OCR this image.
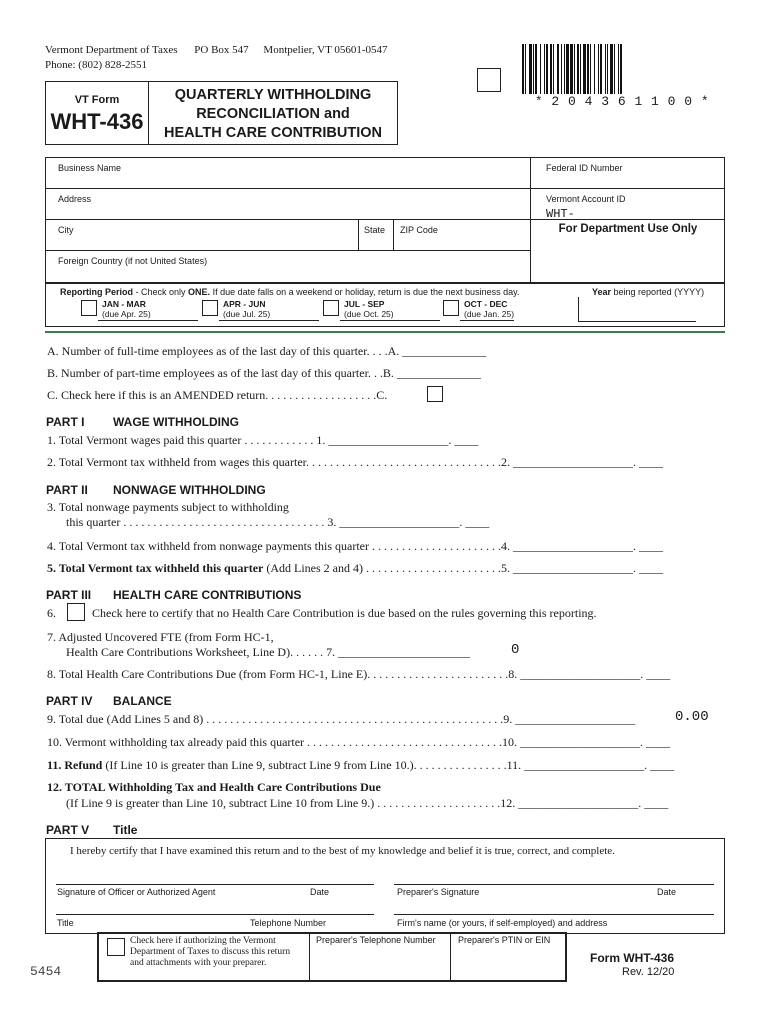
Vermont Department of Taxes PO Box 547 Montpelier, VT 05601-0547
Phone: (802) 828-2551
VT Form
WHT-436
QUARTERLY WITHHOLDING
RECONCILIATION and
HEALTH CARE CONTRIBUTION
* 2 0 4 3 6 1 1 0 0 *
Business Name	Federal ID Number
Address	Vermont Account ID
WHT-
City	State ZIP Code	For Department Use Only
Foreign Country (if not United States)
Reporting Period - Check only ONE. If due date falls on a weekend or holiday, return is due the next business day.	Year being reported (YYYY)
JAN - MAR
(due Apr. 25)
APR - JUN
(due Jul. 25)
JUL - SEP
(due Oct. 25)
OCT - DEC
(due Jan. 25)
A. Number of full-time employees as of the last day of this quarter. . . .A. ______________
B. Number of part-time employees as of the last day of this quarter. . .B. ______________
C. Check here if this is an AMENDED return. . . . . . . . . . . . . . . . . . .C.
PART I WAGE WITHHOLDING
1. Total Vermont wages paid this quarter . . . . . . . . . . . . 1. ____________________. ____
2. Total Vermont tax withheld from wages this quarter. . . . . . . . . . . . . . . . . . . . . . . . . . . . . . . . .2. ____________________. ____
PART II NONWAGE WITHHOLDING
3. Total nonwage payments subject to withholding
this quarter . . . . . . . . . . . . . . . . . . . . . . . . . . . . . . . . . . 3. ____________________. ____
4. Total Vermont tax withheld from nonwage payments this quarter . . . . . . . . . . . . . . . . . . . . . .4. ____________________. ____
5. Total Vermont tax withheld this quarter (Add Lines 2 and 4) . . . . . . . . . . . . . . . . . . . . . . .5. ____________________. ____
PART III HEALTH CARE CONTRIBUTIONS
6.	Check here to certify that no Health Care Contribution is due based on the rules governing this reporting.
7. Adjusted Uncovered FTE (from Form HC-1,
Health Care Contributions Worksheet, Line D). . . . . . 7. ______________________	0
8. Total Health Care Contributions Due (from Form HC-1, Line E). . . . . . . . . . . . . . . . . . . . . . . .8. ____________________. ____
PART IV BALANCE
9. Total due (Add Lines 5 and 8) . . . . . . . . . . . . . . . . . . . . . . . . . . . . . . . . . . . . . . . . . . . . . . . . . .9. ____________________	0.00
10. Vermont withholding tax already paid this quarter . . . . . . . . . . . . . . . . . . . . . . . . . . . . . . . . .10. ____________________. ____
11. Refund (If Line 10 is greater than Line 9, subtract Line 9 from Line 10.). . . . . . . . . . . . . . . .11. ____________________. ____
12. TOTAL Withholding Tax and Health Care Contributions Due
(If Line 9 is greater than Line 10, subtract Line 10 from Line 9.) . . . . . . . . . . . . . . . . . . . . .12. ____________________. ____
PART V Title
I hereby certify that I have examined this return and to the best of my knowledge and belief it is true, correct, and complete.
Signature of Officer or Authorized Agent	Date	Preparer's Signature	Date
Title	Telephone Number	Firm's name (or yours, if self-employed) and address
Check here if authorizing the Vermont Department of Taxes to discuss this return and attachments with your preparer.
Preparer's Telephone Number Preparer's PTIN or EIN
5454
Form WHT-436
Rev. 12/20
